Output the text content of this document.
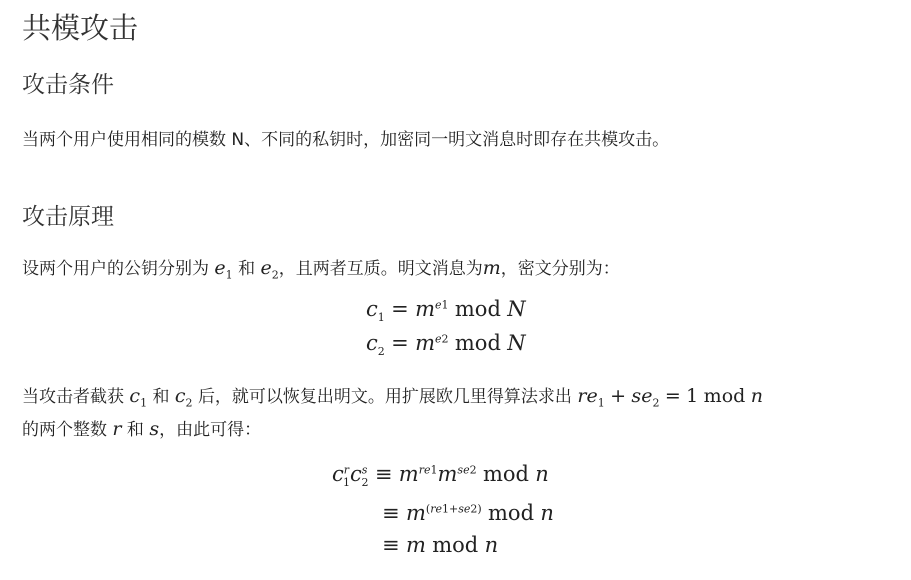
共模攻击
攻击条件
当两个用户使用相同的模数 N、不同的私钥时，加密同一明文消息时即存在共模攻击。
攻击原理
设两个用户的公钥分别为 $e_1$ 和 $e_2$，且两者互质。明文消息为m，密文分别为：
$c_1 = m^{e1}$ mod N
$c_2 = m^{e2}$ mod N
当攻击者截获 $c_1$ 和 $c_2$ 后，就可以恢复出明文。用扩展欧几里得算法求出 $re_1 + se_2 = 1$ mod n
的两个整数 r 和 s，由此可得：
$c^r_1c^s_2 \equiv m^{re1}m^{se2}$ mod n
≡ $m^{(re1+se2)}$ mod n
≡ m mod n
